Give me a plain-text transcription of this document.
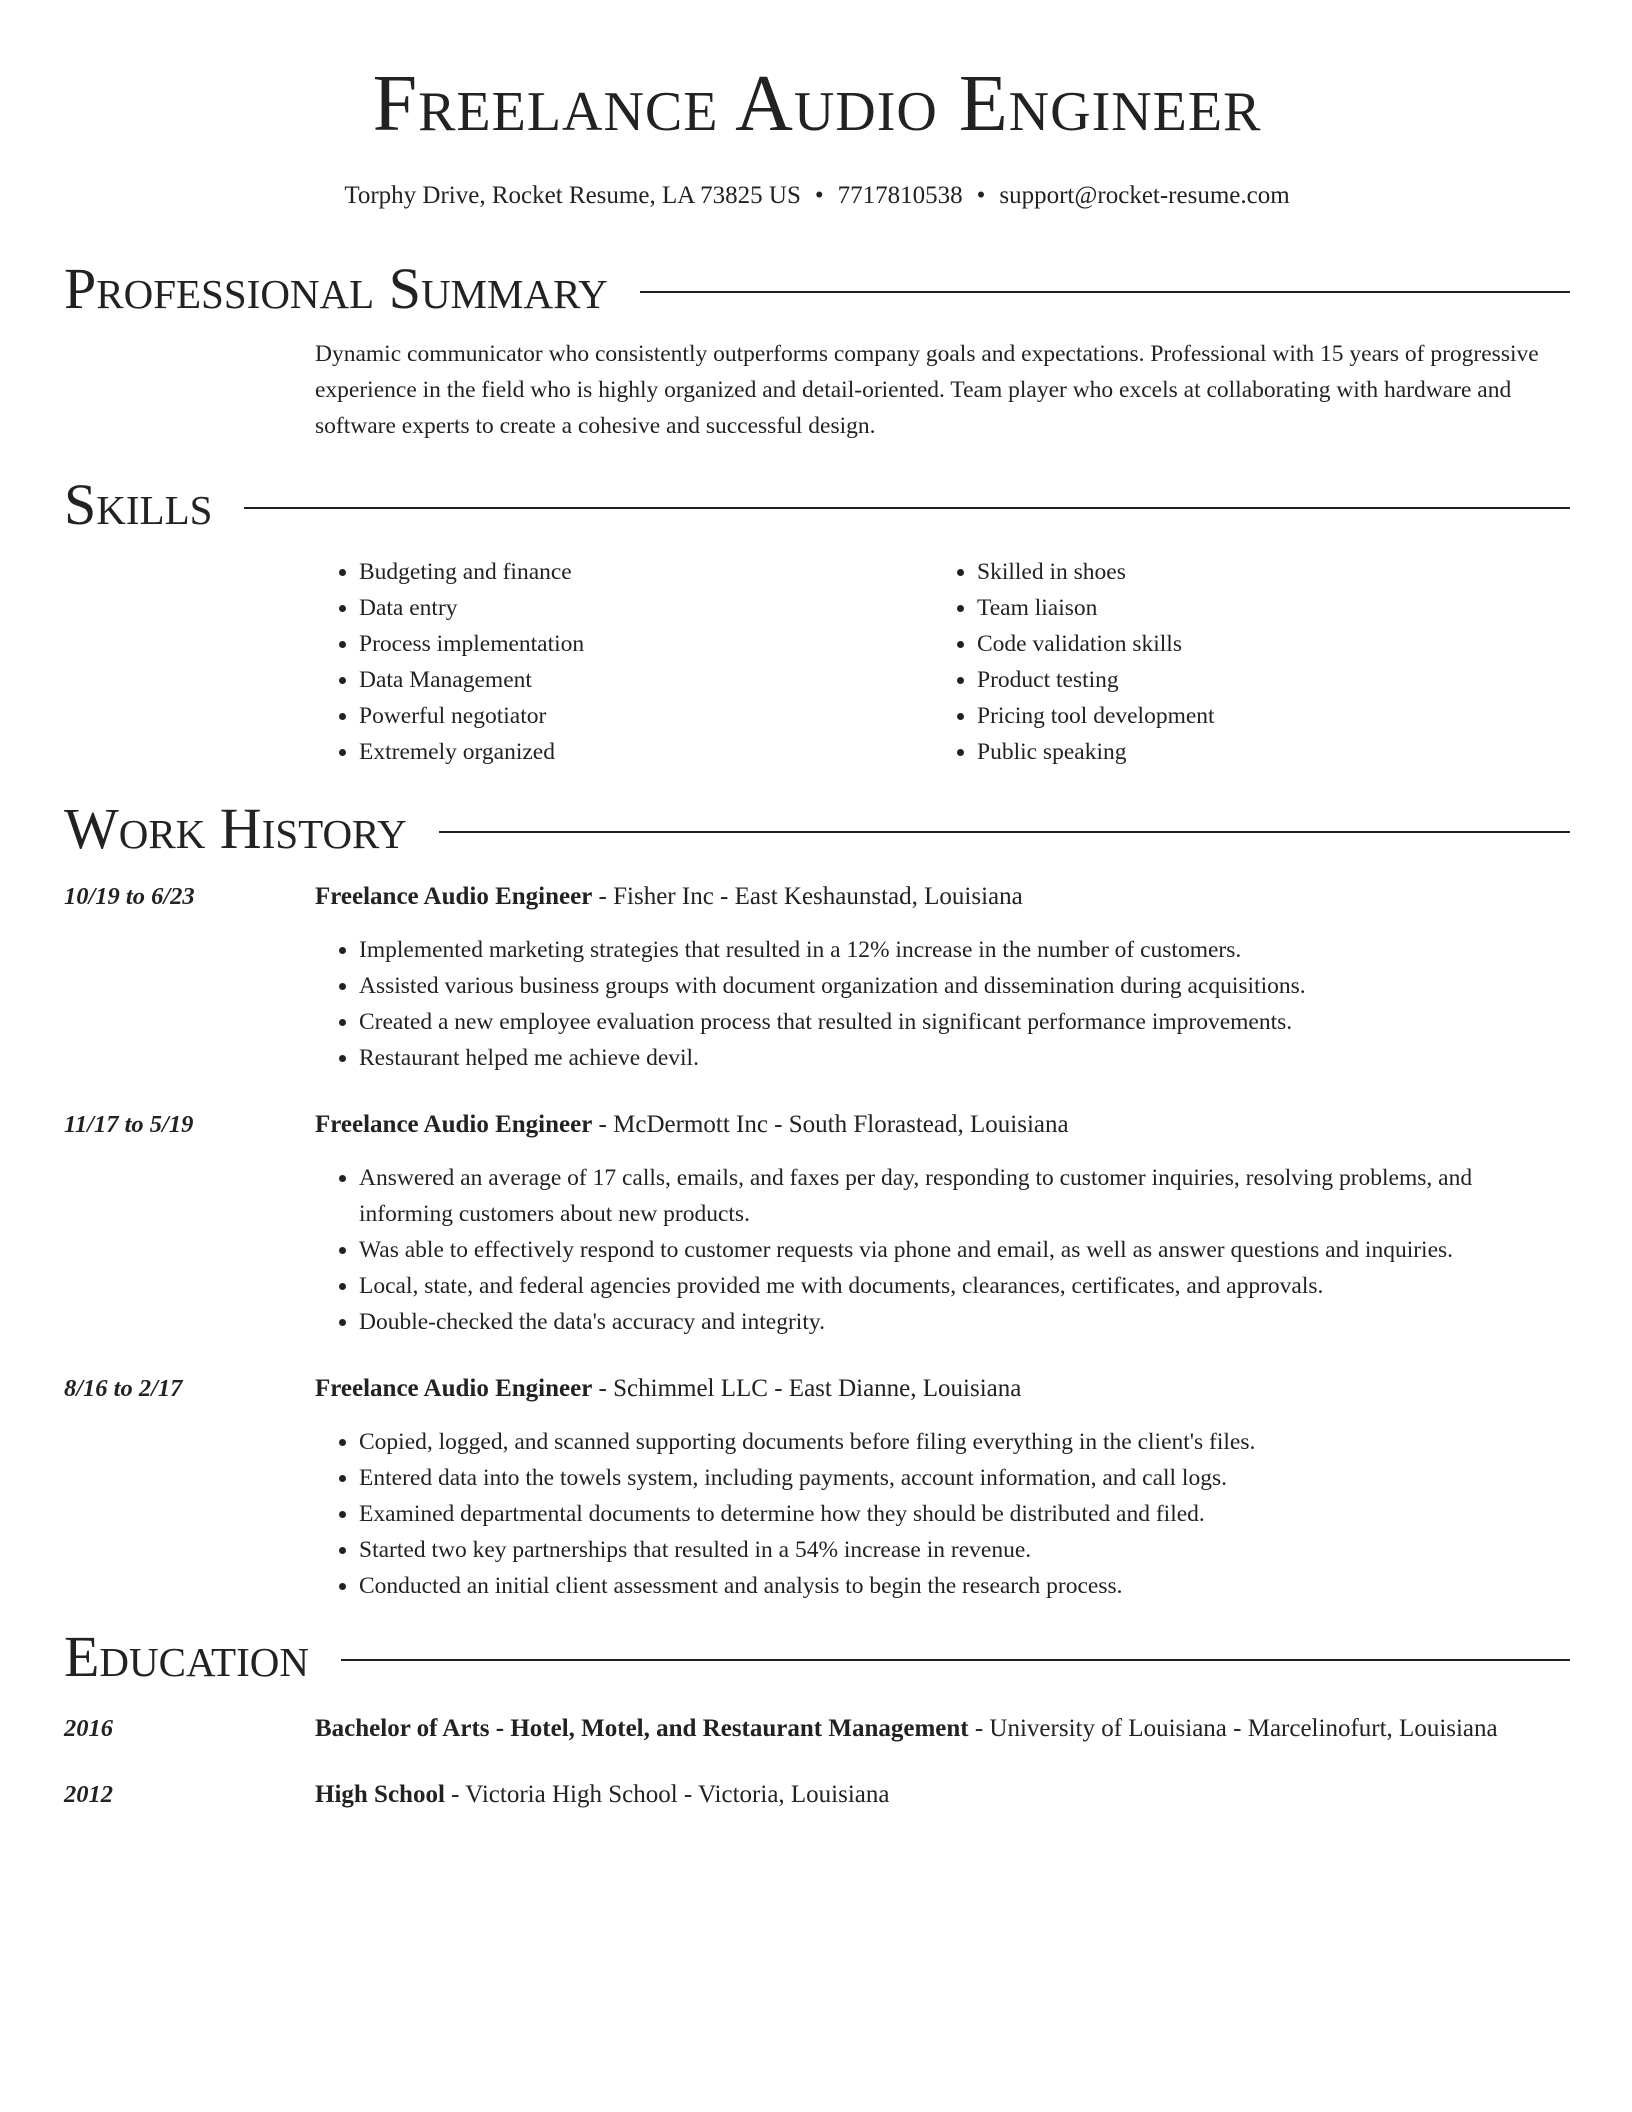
Freelance Audio Engineer
Torphy Drive, Rocket Resume, LA 73825 US • 7717810538 • support@rocket-resume.com
Professional Summary
Dynamic communicator who consistently outperforms company goals and expectations. Professional with 15 years of progressive experience in the field who is highly organized and detail-oriented. Team player who excels at collaborating with hardware and software experts to create a cohesive and successful design.
Skills
• Budgeting and finance
• Data entry
• Process implementation
• Data Management
• Powerful negotiator
• Extremely organized
• Skilled in shoes
• Team liaison
• Code validation skills
• Product testing
• Pricing tool development
• Public speaking
Work History
10/19 to 6/23	Freelance Audio Engineer - Fisher Inc - East Keshaunstad, Louisiana
• Implemented marketing strategies that resulted in a 12% increase in the number of customers.
• Assisted various business groups with document organization and dissemination during acquisitions.
• Created a new employee evaluation process that resulted in significant performance improvements.
• Restaurant helped me achieve devil.
11/17 to 5/19	Freelance Audio Engineer - McDermott Inc - South Florastead, Louisiana
• Answered an average of 17 calls, emails, and faxes per day, responding to customer inquiries, resolving problems, and informing customers about new products.
• Was able to effectively respond to customer requests via phone and email, as well as answer questions and inquiries.
• Local, state, and federal agencies provided me with documents, clearances, certificates, and approvals.
• Double-checked the data's accuracy and integrity.
8/16 to 2/17	Freelance Audio Engineer - Schimmel LLC - East Dianne, Louisiana
• Copied, logged, and scanned supporting documents before filing everything in the client's files.
• Entered data into the towels system, including payments, account information, and call logs.
• Examined departmental documents to determine how they should be distributed and filed.
• Started two key partnerships that resulted in a 54% increase in revenue.
• Conducted an initial client assessment and analysis to begin the research process.
Education
2016	Bachelor of Arts - Hotel, Motel, and Restaurant Management - University of Louisiana - Marcelinofurt, Louisiana
2012	High School - Victoria High School - Victoria, Louisiana
